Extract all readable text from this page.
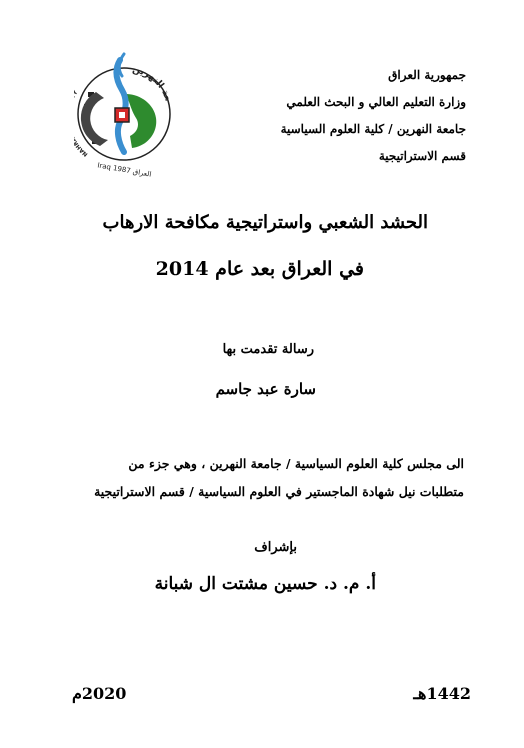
جمهورية العراق
وزارة التعليم العالي و البحث العلمي
جامعة النهرين / كلية العلوم السياسية
قسم الاستراتيجية
عة النهرين
NAH
Iraq 1987 العراق
الحشد الشعبي واستراتيجية مكافحة الارهاب
في العراق بعد عام 2014
رسالة تقدمت بها
سارة عبد جاسم
الى مجلس كلية العلوم السياسية / جامعة النهرين ، وهي جزء من
متطلبات نيل شهادة الماجستير في العلوم السياسية / قسم الاستراتيجية
بإشراف
أ. م. د. حسين مشتت ال شبانة
1442هـ
2020م
